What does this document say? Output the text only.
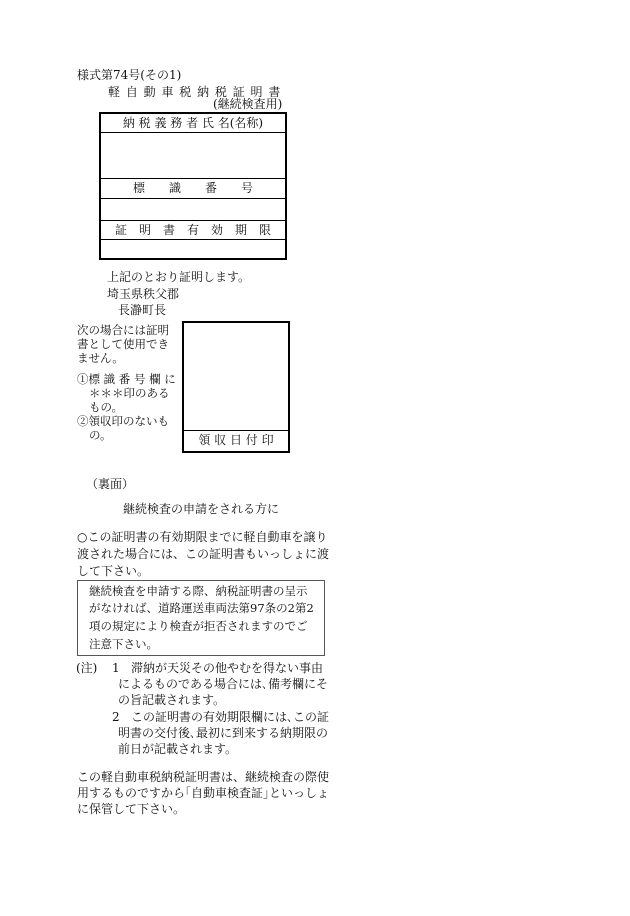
様式第74号(その1)
軽 自 動 車 税 納 税 証 明 書
(継続検査用)
納 税 義 務 者 氏 名(名称)
標　　識　　番　　号
証　明　書　有　効　期　限
上記のとおり証明します。
埼玉県秩父郡
長瀞町長
次の場合には証明
書として使用でき
ません。
①標 識 番 号 欄 に
＊＊＊印のある
もの。
②領収印のないも
の。	領 収 日 付 印
（裏面）
継続検査の申請をされる方に
○この証明書の有効期限までに軽自動車を譲り
渡された場合には、この証明書もいっしょに渡
して下さい。
継続検査を申請する際、納税証明書の呈示
がなければ、道路運送車両法第97条の2第2
項の規定により検査が拒否されますのでご
注意下さい。
(注) 1 滞納が天災その他やむを得ない事由
によるものである場合には､備考欄にそ
の旨記載されます。
2 この証明書の有効期限欄には､この証
明書の交付後､最初に到来する納期限の
前日が記載されます。
この軽自動車税納税証明書は、継続検査の際使
用するものですから｢自動車検査証｣といっしょ
に保管して下さい。
